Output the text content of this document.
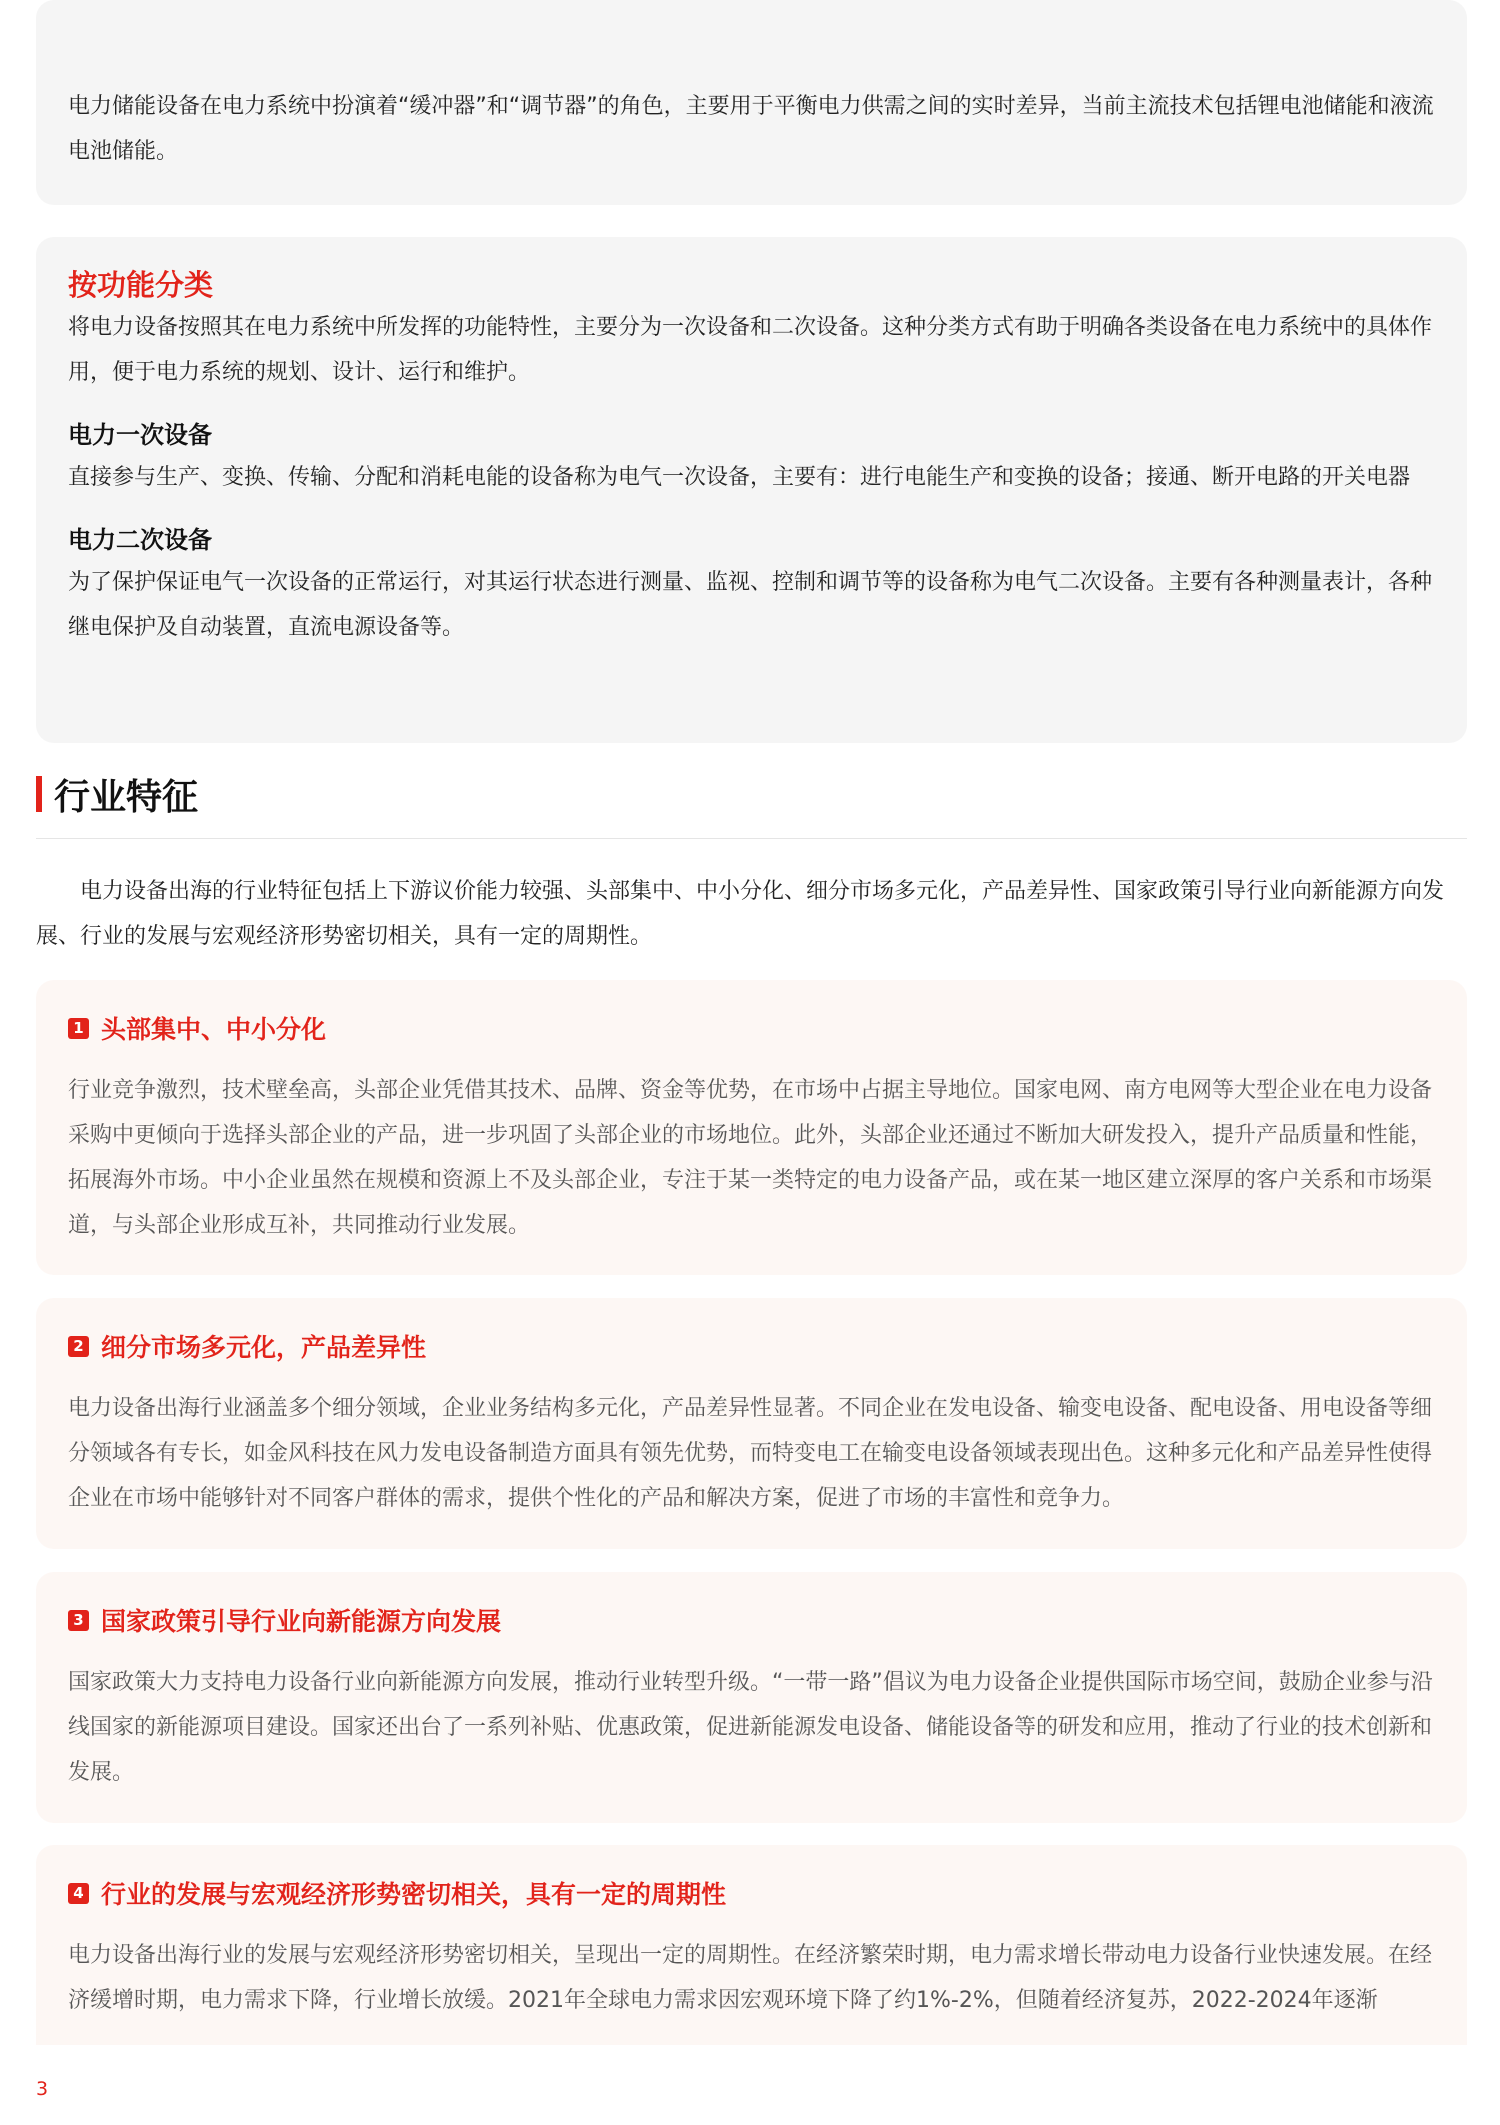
电力储能设备在电力系统中扮演着“缓冲器”和“调节器”的角色，主要用于平衡电力供需之间的实时差异，当前主流技术包括锂电池储能和液流电池储能。

按功能分类

将电力设备按照其在电力系统中所发挥的功能特性，主要分为一次设备和二次设备。这种分类方式有助于明确各类设备在电力系统中的具体作用，便于电力系统的规划、设计、运行和维护。

电力一次设备

直接参与生产、变换、传输、分配和消耗电能的设备称为电气一次设备，主要有：进行电能生产和变换的设备；接通、断开电路的开关电器

电力二次设备

为了保护保证电气一次设备的正常运行，对其运行状态进行测量、监视、控制和调节等的设备称为电气二次设备。主要有各种测量表计，各种继电保护及自动装置，直流电源设备等。

行业特征

电力设备出海的行业特征包括上下游议价能力较强、头部集中、中小分化、细分市场多元化，产品差异性、国家政策引导行业向新能源方向发展、行业的发展与宏观经济形势密切相关，具有一定的周期性。

1 头部集中、中小分化

行业竞争激烈，技术壁垒高，头部企业凭借其技术、品牌、资金等优势，在市场中占据主导地位。国家电网、南方电网等大型企业在电力设备采购中更倾向于选择头部企业的产品，进一步巩固了头部企业的市场地位。此外，头部企业还通过不断加大研发投入，提升产品质量和性能，拓展海外市场。中小企业虽然在规模和资源上不及头部企业，专注于某一类特定的电力设备产品，或在某一地区建立深厚的客户关系和市场渠道，与头部企业形成互补，共同推动行业发展。

2 细分市场多元化，产品差异性

电力设备出海行业涵盖多个细分领域，企业业务结构多元化，产品差异性显著。不同企业在发电设备、输变电设备、配电设备、用电设备等细分领域各有专长，如金风科技在风力发电设备制造方面具有领先优势，而特变电工在输变电设备领域表现出色。这种多元化和产品差异性使得企业在市场中能够针对不同客户群体的需求，提供个性化的产品和解决方案，促进了市场的丰富性和竞争力。

3 国家政策引导行业向新能源方向发展

国家政策大力支持电力设备行业向新能源方向发展，推动行业转型升级。“一带一路”倡议为电力设备企业提供国际市场空间，鼓励企业参与沿线国家的新能源项目建设。国家还出台了一系列补贴、优惠政策，促进新能源发电设备、储能设备等的研发和应用，推动了行业的技术创新和发展。

4 行业的发展与宏观经济形势密切相关，具有一定的周期性

电力设备出海行业的发展与宏观经济形势密切相关，呈现出一定的周期性。在经济繁荣时期，电力需求增长带动电力设备行业快速发展。在经济缓增时期，电力需求下降，行业增长放缓。2021年全球电力需求因宏观环境下降了约1%-2%，但随着经济复苏，2022-2024年逐渐

3
